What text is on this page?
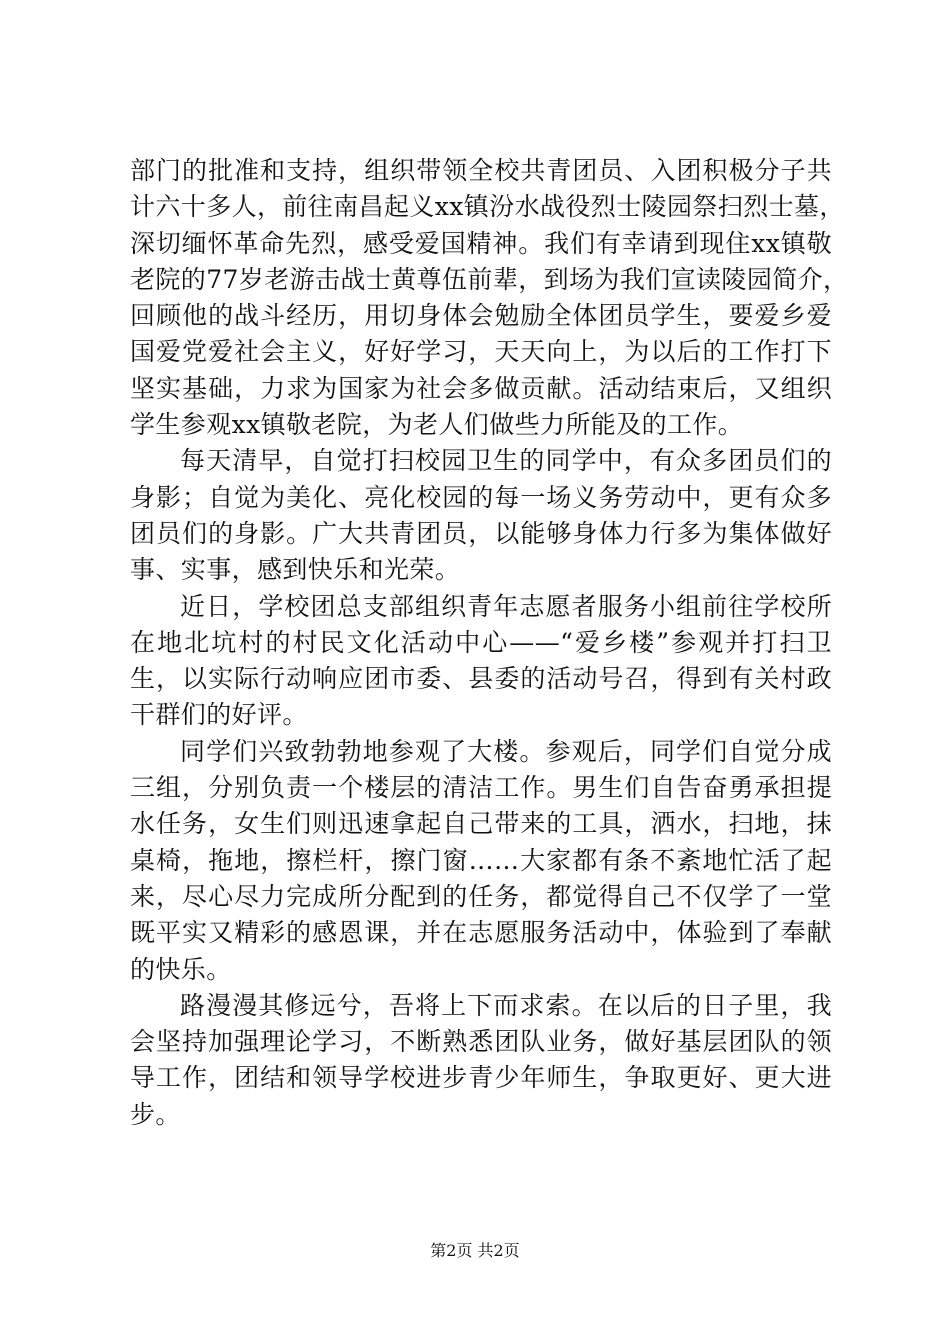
部门的批准和支持，组织带领全校共青团员、入团积极分子共
计六十多人，前往南昌起义xx镇汾水战役烈士陵园祭扫烈士墓，
深切缅怀革命先烈，感受爱国精神。我们有幸请到现住xx镇敬
老院的77岁老游击战士黄尊伍前辈，到场为我们宣读陵园简介，
回顾他的战斗经历，用切身体会勉励全体团员学生，要爱乡爱
国爱党爱社会主义，好好学习，天天向上，为以后的工作打下
坚实基础，力求为国家为社会多做贡献。活动结束后，又组织
学生参观xx镇敬老院，为老人们做些力所能及的工作。
每天清早，自觉打扫校园卫生的同学中，有众多团员们的
身影；自觉为美化、亮化校园的每一场义务劳动中，更有众多
团员们的身影。广大共青团员，以能够身体力行多为集体做好
事、实事，感到快乐和光荣。
近日，学校团总支部组织青年志愿者服务小组前往学校所
在地北坑村的村民文化活动中心——“爱乡楼”参观并打扫卫
生，以实际行动响应团市委、县委的活动号召，得到有关村政
干群们的好评。
同学们兴致勃勃地参观了大楼。参观后，同学们自觉分成
三组，分别负责一个楼层的清洁工作。男生们自告奋勇承担提
水任务，女生们则迅速拿起自己带来的工具，洒水，扫地，抹
桌椅，拖地，擦栏杆，擦门窗……大家都有条不紊地忙活了起
来，尽心尽力完成所分配到的任务，都觉得自己不仅学了一堂
既平实又精彩的感恩课，并在志愿服务活动中，体验到了奉献
的快乐。
路漫漫其修远兮，吾将上下而求索。在以后的日子里，我
会坚持加强理论学习，不断熟悉团队业务，做好基层团队的领
导工作，团结和领导学校进步青少年师生，争取更好、更大进
步。
第2页 共2页
